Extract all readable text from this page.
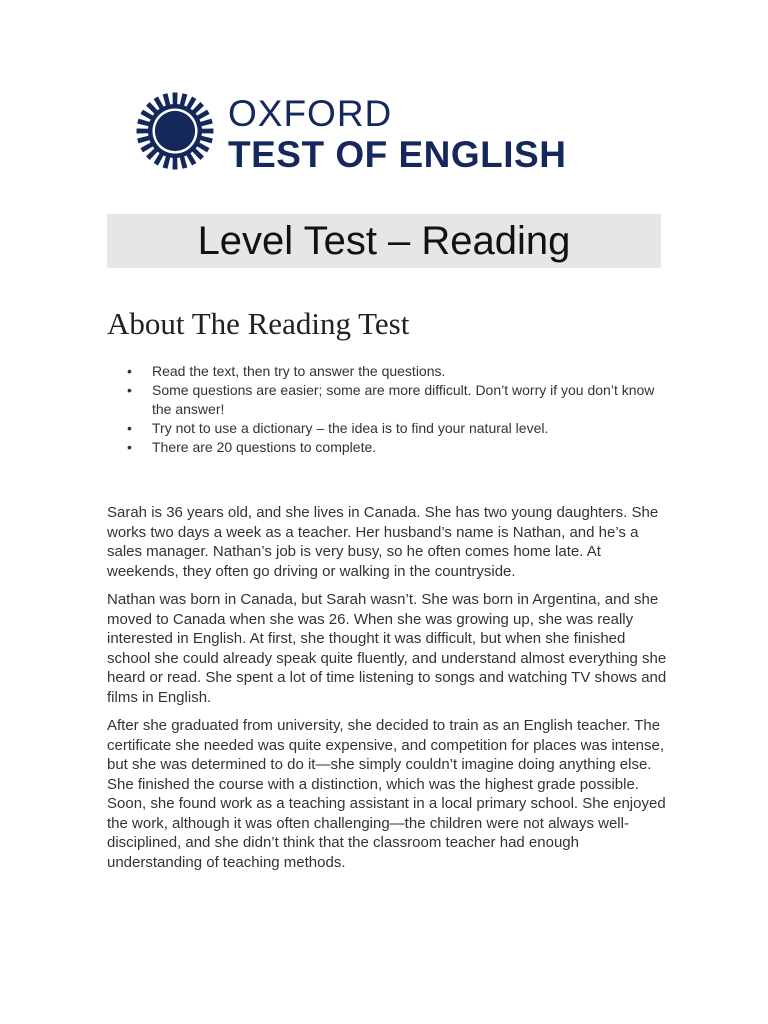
OXFORD
TEST OF ENGLISH
Level Test – Reading
About The Reading Test
• Read the text, then try to answer the questions.
• Some questions are easier; some are more difficult. Don’t worry if you don’t know the answer!
• Try not to use a dictionary – the idea is to find your natural level.
• There are 20 questions to complete.

Sarah is 36 years old, and she lives in Canada. She has two young daughters. She works two days a week as a teacher. Her husband’s name is Nathan, and he’s a sales manager. Nathan’s job is very busy, so he often comes home late. At weekends, they often go driving or walking in the countryside.

Nathan was born in Canada, but Sarah wasn’t. She was born in Argentina, and she moved to Canada when she was 26. When she was growing up, she was really interested in English. At first, she thought it was difficult, but when she finished school she could already speak quite fluently, and understand almost everything she heard or read. She spent a lot of time listening to songs and watching TV shows and films in English.

After she graduated from university, she decided to train as an English teacher. The certificate she needed was quite expensive, and competition for places was intense, but she was determined to do it—she simply couldn’t imagine doing anything else. She finished the course with a distinction, which was the highest grade possible. Soon, she found work as a teaching assistant in a local primary school. She enjoyed the work, although it was often challenging—the children were not always well-disciplined, and she didn’t think that the classroom teacher had enough understanding of teaching methods.
